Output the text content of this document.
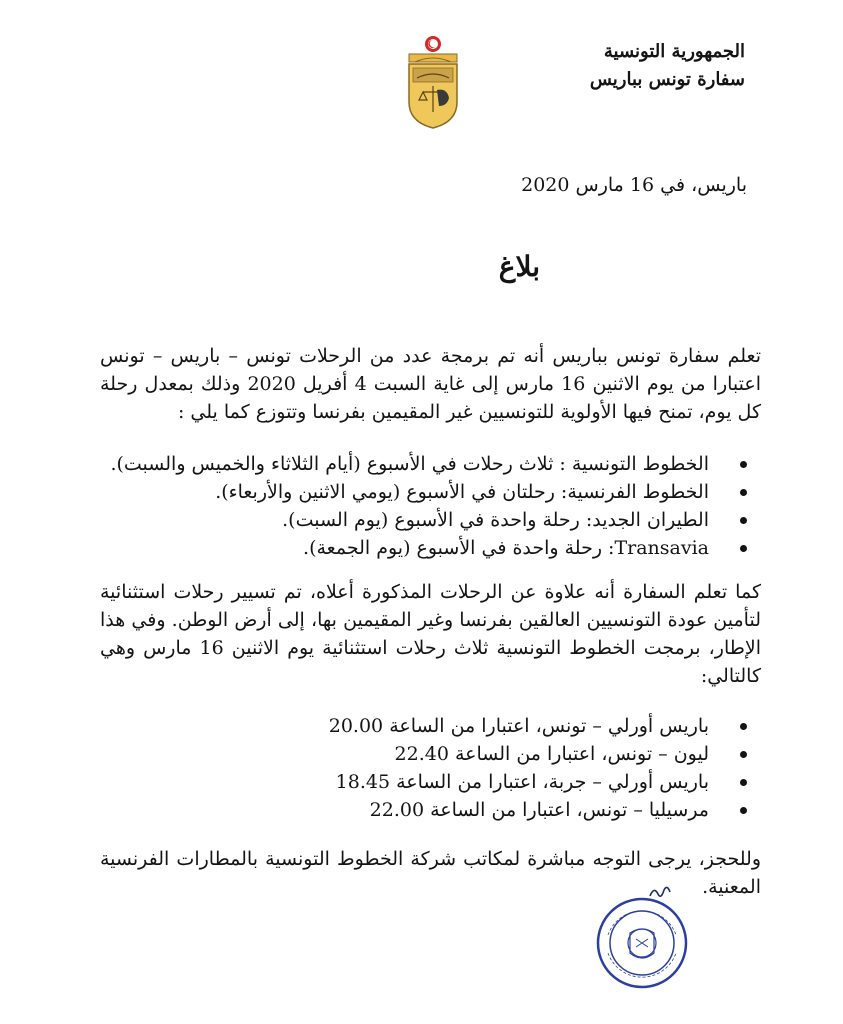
الجمهورية التونسية
سفارة تونس بباريس
باريس، في 16 مارس 2020
بلاغ

تعلم سفارة تونس بباريس أنه تم برمجة عدد من الرحلات تونس – باريس – تونس اعتبارا من يوم الاثنين 16 مارس إلى غاية السبت 4 أفريل 2020 وذلك بمعدل رحلة كل يوم، تمنح فيها الأولوية للتونسيين غير المقيمين بفرنسا وتتوزع كما يلي :

الخطوط التونسية : ثلاث رحلات في الأسبوع (أيام الثلاثاء والخميس والسبت).
الخطوط الفرنسية: رحلتان في الأسبوع (يومي الاثنين والأربعاء).
الطيران الجديد: رحلة واحدة في الأسبوع (يوم السبت).
Transavia: رحلة واحدة في الأسبوع (يوم الجمعة).

كما تعلم السفارة أنه علاوة عن الرحلات المذكورة أعلاه، تم تسيير رحلات استثنائية لتأمين عودة التونسيين العالقين بفرنسا وغير المقيمين بها، إلى أرض الوطن. وفي هذا الإطار، برمجت الخطوط التونسية ثلاث رحلات استثنائية يوم الاثنين 16 مارس وهي كالتالي:

باريس أورلي – تونس، اعتبارا من الساعة 20.00
ليون – تونس، اعتبارا من الساعة 22.40
باريس أورلي – جربة، اعتبارا من الساعة 18.45
مرسيليا – تونس، اعتبارا من الساعة 22.00

وللحجز، يرجى التوجه مباشرة لمكاتب شركة الخطوط التونسية بالمطارات الفرنسية المعنية.
